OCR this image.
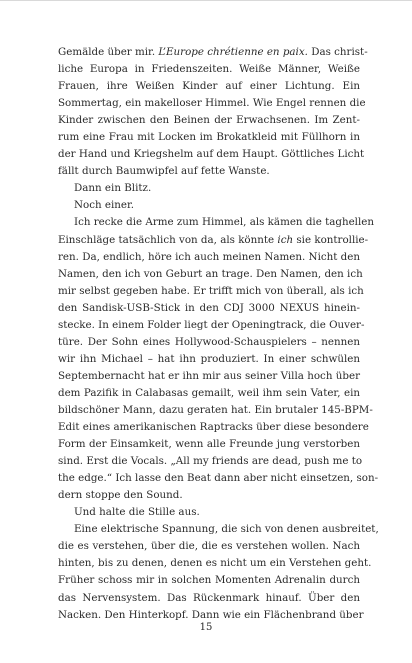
Gemälde über mir. L’Europe chrétienne en paix. Das christ-
liche Europa in Friedenszeiten. Weiße Männer, Weiße
Frauen, ihre Weißen Kinder auf einer Lichtung. Ein
Sommertag, ein makelloser Himmel. Wie Engel rennen die
Kinder zwischen den Beinen der Erwachsenen. Im Zent-
rum eine Frau mit Locken im Brokatkleid mit Füllhorn in
der Hand und Kriegshelm auf dem Haupt. Göttliches Licht
fällt durch Baumwipfel auf fette Wanste.
Dann ein Blitz.
Noch einer.
Ich recke die Arme zum Himmel, als kämen die taghellen
Einschläge tatsächlich von da, als könnte ich sie kontrollie-
ren. Da, endlich, höre ich auch meinen Namen. Nicht den
Namen, den ich von Geburt an trage. Den Namen, den ich
mir selbst gegeben habe. Er trifft mich von überall, als ich
den Sandisk-USB-Stick in den CDJ 3000 NEXUS hinein-
stecke. In einem Folder liegt der Openingtrack, die Ouver-
türe. Der Sohn eines Hollywood-Schauspielers – nennen
wir ihn Michael – hat ihn produziert. In einer schwülen
Septembernacht hat er ihn mir aus seiner Villa hoch über
dem Pazifik in Calabasas gemailt, weil ihm sein Vater, ein
bildschöner Mann, dazu geraten hat. Ein brutaler 145-BPM-
Edit eines amerikanischen Raptracks über diese besondere
Form der Einsamkeit, wenn alle Freunde jung verstorben
sind. Erst die Vocals. „All my friends are dead, push me to
the edge.“ Ich lasse den Beat dann aber nicht einsetzen, son-
dern stoppe den Sound.
Und halte die Stille aus.
Eine elektrische Spannung, die sich von denen ausbreitet,
die es verstehen, über die, die es verstehen wollen. Nach
hinten, bis zu denen, denen es nicht um ein Verstehen geht.
Früher schoss mir in solchen Momenten Adrenalin durch
das Nervensystem. Das Rückenmark hinauf. Über den
Nacken. Den Hinterkopf. Dann wie ein Flächenbrand über
15
